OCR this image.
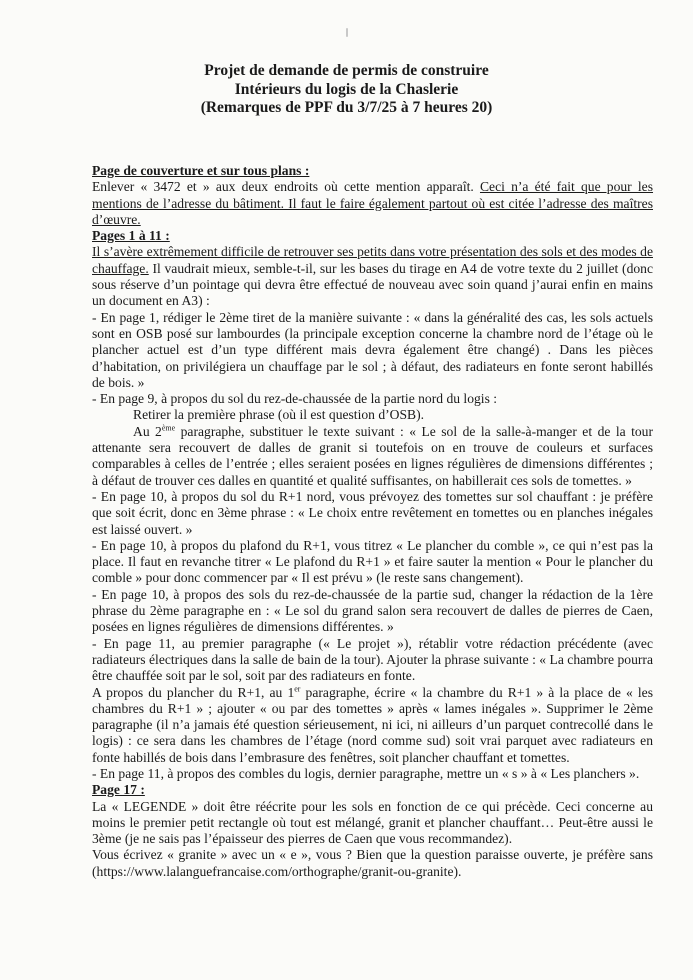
Projet de demande de permis de construire
Intérieurs du logis de la Chaslerie
(Remarques de PPF du 3/7/25 à 7 heures 20)

Page de couverture et sur tous plans :

Enlever « 3472 et » aux deux endroits où cette mention apparaît. Ceci n’a été fait que pour les mentions de l’adresse du bâtiment. Il faut le faire également partout où est citée l’adresse des maîtres d’œuvre.

Pages 1 à 11 :

Il s’avère extrêmement difficile de retrouver ses petits dans votre présentation des sols et des modes de chauffage. Il vaudrait mieux, semble-t-il, sur les bases du tirage en A4 de votre texte du 2 juillet (donc sous réserve d’un pointage qui devra être effectué de nouveau avec soin quand j’aurai enfin en mains un document en A3) :

- En page 1, rédiger le 2ème tiret de la manière suivante : « dans la généralité des cas, les sols actuels sont en OSB posé sur lambourdes (la principale exception concerne la chambre nord de l’étage où le plancher actuel est d’un type différent mais devra également être changé) . Dans les pièces d’habitation, on privilégiera un chauffage par le sol ; à défaut, des radiateurs en fonte seront habillés de bois. »

- En page 9, à propos du sol du rez-de-chaussée de la partie nord du logis :

Retirer la première phrase (où il est question d’OSB).

Au 2ème paragraphe, substituer le texte suivant : « Le sol de la salle-à-manger et de la tour attenante sera recouvert de dalles de granit si toutefois on en trouve de couleurs et surfaces comparables à celles de l’entrée ; elles seraient posées en lignes régulières de dimensions différentes ; à défaut de trouver ces dalles en quantité et qualité suffisantes, on habillerait ces sols de tomettes. »

- En page 10, à propos du sol du R+1 nord, vous prévoyez des tomettes sur sol chauffant : je préfère que soit écrit, donc en 3ème phrase : « Le choix entre revêtement en tomettes ou en planches inégales est laissé ouvert. »

- En page 10, à propos du plafond du R+1, vous titrez « Le plancher du comble », ce qui n’est pas la place. Il faut en revanche titrer « Le plafond du R+1 » et faire sauter la mention « Pour le plancher du comble » pour donc commencer par « Il est prévu » (le reste sans changement).

- En page 10, à propos des sols du rez-de-chaussée de la partie sud, changer la rédaction de la 1ère phrase du 2ème paragraphe en : « Le sol du grand salon sera recouvert de dalles de pierres de Caen, posées en lignes régulières de dimensions différentes. »

- En page 11, au premier paragraphe (« Le projet »), rétablir votre rédaction précédente (avec radiateurs électriques dans la salle de bain de la tour). Ajouter la phrase suivante : « La chambre pourra être chauffée soit par le sol, soit par des radiateurs en fonte.

A propos du plancher du R+1, au 1er paragraphe, écrire « la chambre du R+1 » à la place de « les chambres du R+1 » ; ajouter « ou par des tomettes » après « lames inégales ». Supprimer le 2ème paragraphe (il n’a jamais été question sérieusement, ni ici, ni ailleurs d’un parquet contrecollé dans le logis) : ce sera dans les chambres de l’étage (nord comme sud) soit vrai parquet avec radiateurs en fonte habillés de bois dans l’embrasure des fenêtres, soit plancher chauffant et tomettes.

- En page 11, à propos des combles du logis, dernier paragraphe, mettre un « s » à « Les planchers ».

Page 17 :

La « LEGENDE » doit être réécrite pour les sols en fonction de ce qui précède. Ceci concerne au moins le premier petit rectangle où tout est mélangé, granit et plancher chauffant… Peut-être aussi le 3ème (je ne sais pas l’épaisseur des pierres de Caen que vous recommandez).

Vous écrivez « granite » avec un « e », vous ? Bien que la question paraisse ouverte, je préfère sans (https://www.lalanguefrancaise.com/orthographe/granit-ou-granite).
